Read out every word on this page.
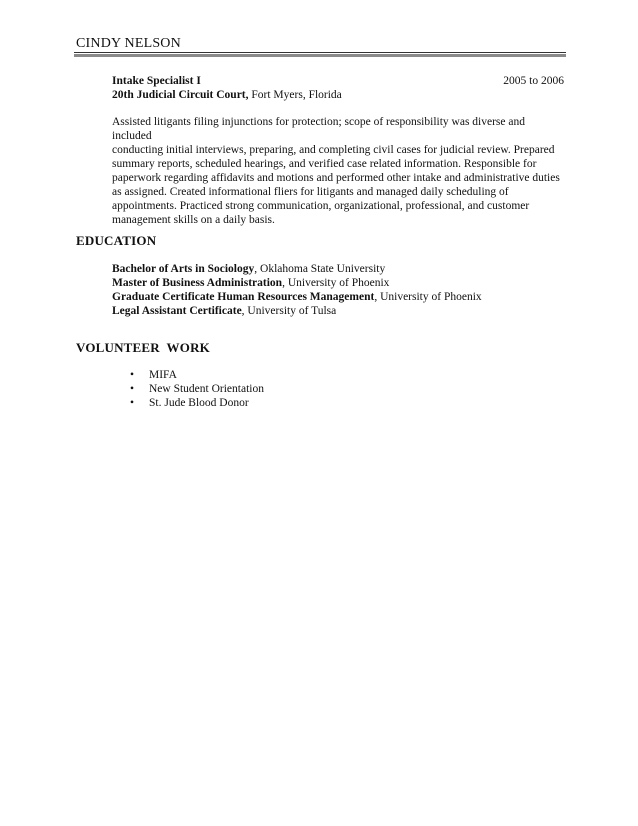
CINDY NELSON
Intake Specialist I	2005 to 2006
20th Judicial Circuit Court, Fort Myers, Florida
Assisted litigants filing injunctions for protection; scope of responsibility was diverse and included
conducting initial interviews, preparing, and completing civil cases for judicial review. Prepared
summary reports, scheduled hearings, and verified case related information. Responsible for
paperwork regarding affidavits and motions and performed other intake and administrative duties
as assigned. Created informational fliers for litigants and managed daily scheduling of
appointments. Practiced strong communication, organizational, professional, and customer
management skills on a daily basis.
EDUCATION
Bachelor of Arts in Sociology, Oklahoma State University
Master of Business Administration, University of Phoenix
Graduate Certificate Human Resources Management, University of Phoenix
Legal Assistant Certificate, University of Tulsa
VOLUNTEER  WORK
• MIFA
• New Student Orientation
• St. Jude Blood Donor
